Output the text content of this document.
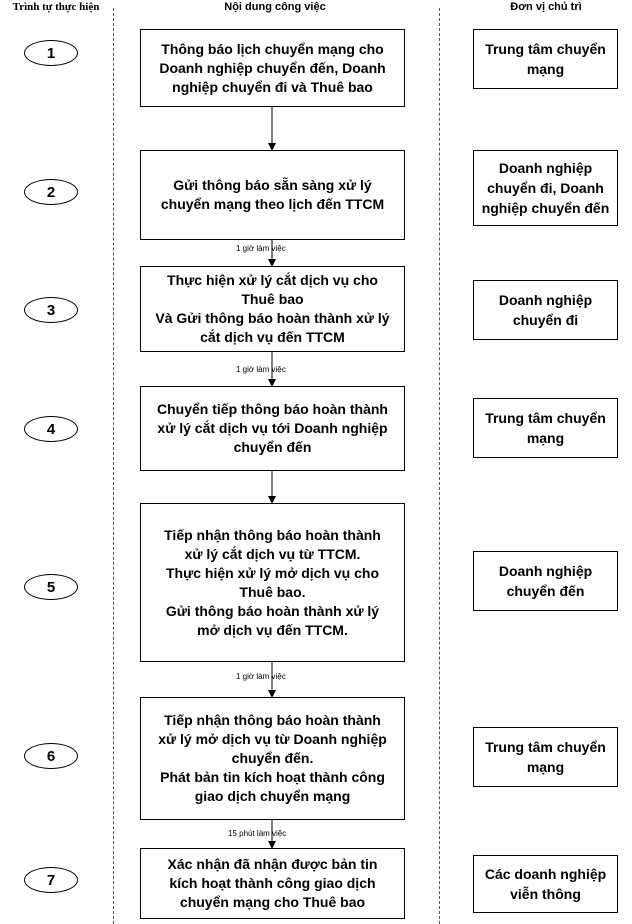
Trình tự thực hiện	Nội dung công việc	Đơn vị chủ trì
1
2
3
4
5
6
7
Thông báo lịch chuyển mạng cho
Doanh nghiệp chuyển đến, Doanh
nghiệp chuyển đi và Thuê bao
Gửi thông báo sẵn sàng xử lý
chuyển mạng theo lịch đến TTCM
Thực hiện xử lý cắt dịch vụ cho
Thuê bao
Và Gửi thông báo hoàn thành xử lý
cắt dịch vụ đến TTCM
Chuyển tiếp thông báo hoàn thành
xử lý cắt dịch vụ tới Doanh nghiệp
chuyển đến
Tiếp nhận thông báo hoàn thành
xử lý cắt dịch vụ từ TTCM.
Thực hiện xử lý mở dịch vụ cho
Thuê bao.
Gửi thông báo hoàn thành xử lý
mở dịch vụ đến TTCM.
Tiếp nhận thông báo hoàn thành
xử lý mở dịch vụ từ Doanh nghiệp
chuyển đến.
Phát bản tin kích hoạt thành công
giao dịch chuyển mạng
Xác nhận đã nhận được bản tin
kích hoạt thành công giao dịch
chuyển mạng cho Thuê bao
1 giờ làm việc
1 giờ làm việc
1 giờ làm việc
15 phút làm việc
Trung tâm chuyển
mạng
Doanh nghiệp
chuyển đi, Doanh
nghiệp chuyển đến
Doanh nghiệp
chuyển đi
Trung tâm chuyển
mạng
Doanh nghiệp
chuyển đến
Trung tâm chuyển
mạng
Các doanh nghiệp
viễn thông
